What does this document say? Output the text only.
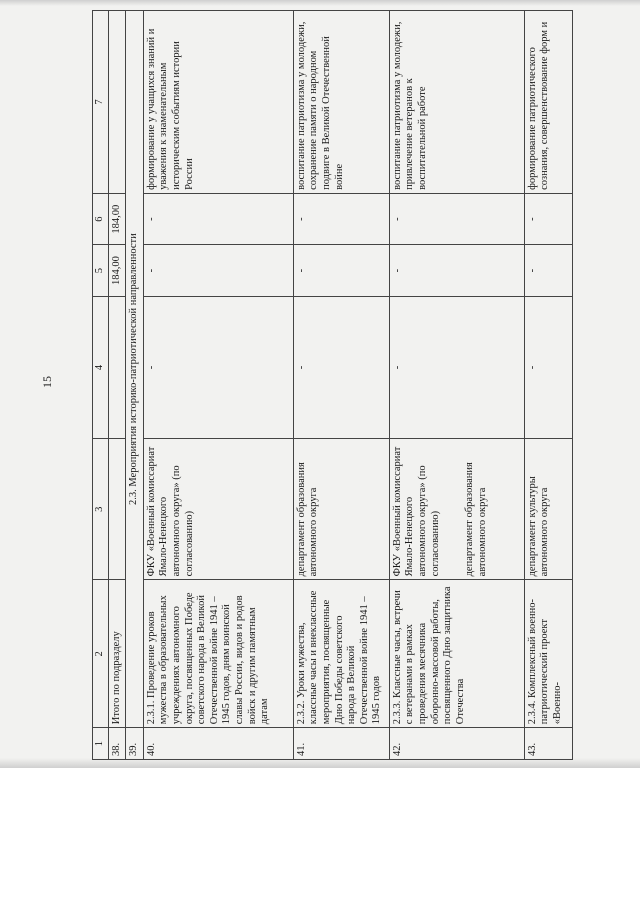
15
1	2	3	4	5	6	7
38.	Итого по подразделу			184,00	184,00	
39.	2.3. Мероприятия историко-патриотической направленности					
40.	2.3.1. Проведение уроков мужества в образовательных учреждениях автономного округа, посвященных Победе советского народа в Великой Отечественной войне 1941 – 1945 годов, дням воинской славы России, видов и родов войск и другим памятным датам	ФКУ «Военный комиссариат Ямало-Ненецкого автономного округа» (по согласованию)	-	-	-	формирование у учащихся знаний и уважения к знаменательным историческим событиям истории России
41.	2.3.2. Уроки мужества, классные часы и внеклассные мероприятия, посвященные Дню Победы советского народа в Великой Отечественной войне 1941 – 1945 годов	департамент образования автономного округа	-	-	-	воспитание патриотизма у молодежи, сохранение памяти о народном подвиге в Великой Отечественной войне
42.	2.3.3. Классные часы, встречи с ветеранами в рамках проведения месячника оборонно-массовой работы, посвященного Дню защитника Отечества	ФКУ «Военный комиссариат Ямало-Ненецкого автономного округа» (по согласованию) департамент образования автономного округа	-	-	-	воспитание патриотизма у молодежи, привлечение ветеранов к воспитательной работе
43.	2.3.4. Комплексный военно-патриотический проект «Военно-	департамент культуры автономного округа	-	-	-	формирование патриотического сознания, совершенствование форм и
